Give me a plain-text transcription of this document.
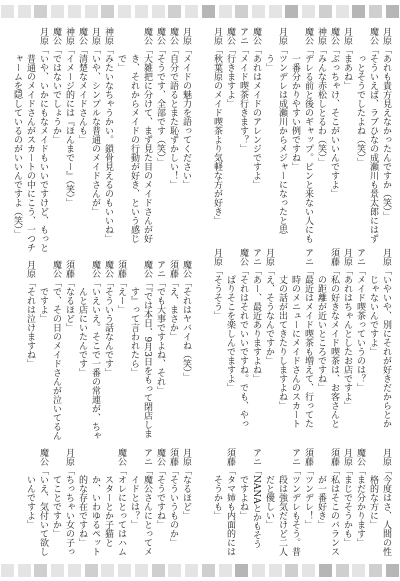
月原「メイドの魅力を語ってください」

魔公「自分で語るとまた恥ずかしい！」

魔公「そうです、全部です（笑）」

魔公「大雑把に分けて、まず見た目のメイドさんが好き、それからメイドの行動が好き、という感じで」

神原「みたいなちゃうかい。鎖骨見えるのもいいね」

月原「いや、シンプルな普通のメイドさんが」

魔公「清楚なメイドさんも」

神原「イメージ的には『ほんまでー』（笑）」

魔公「ではないでしょうか」

月原「いや、いかにもなメイドもいいですけど、もっと普通のメイドさんがスカートの中にこう、一つチャームを隠しているのがいいんですよ（笑）」	月原「あれも貴方見えなかったんですか（笑）」

魔公「そういえば、ラブひなの成瀬川も景太郎にはずっとそうでしたよね（笑）」

月原「まあね」

魔公「ぶっちゃけ、そこがいいんですよ」

神原「みんな赤松しとるわ（笑）」

魔公「デレる前と後のギャップ。ピンと来ない人にも一番分かりやすい例ですね」

月原「ツンデレは成瀬川からメジャーになったと思う」

魔公「あれはメイドのアレンジですよ」

アニ「メイド喫茶行きます？」

魔公「行きますよ」

月原「秋葉原のメイド喫茶より気軽な方が好き」

魔公「それはヤバイね（笑）」

須藤「え、まさか」

アニ「でも大事ですよね、それ」

魔公「『では本日、9月3日をもって閉店します』って言われたら」

須藤「えー」

魔公「そういう話なんです」

魔公「いえいえ。そこで一番の常連が、ちゃんと店にいたんです」

須藤「なるほど」

魔公「で、その日のメイドさんが泣いてるんですよ」

月原「それは泣けますね」	月原「いやいや、別にそれが好きだからとかじゃないんですよ」

アニ「メイド喫茶っていうのは？」

月原「あれはちゃんとしたお店ですよ」

須藤「私の好きなメイド喫茶は、お客さんとの距離が近いところですね」

アニ「最近はメイド喫茶も増えて、行ってた時のメニューにメイドさんのスカート丈の話が出てきたりしますよね」

月原「え、そうなんですか」

アニ「あー、最近ありますよね」

魔公「それはそれでいいですね。でも、やっぱりそこを楽しんでますよ」

月原「そうそう」

月原「なるほど」

須藤「そういうものか」

魔公「そうですね」

アニ「魔公さんにとってメイドとは？」

魔公「オレにとってはハムスターとか子猫とか、いわゆるペット的な存在ですね」

月原「ちっちゃい女の子ってことですか」

魔公「いえ、気付いて欲しいんですよ」	月原「今度はさ、人間の性格的な方に」

魔公「まだ分かります」

月原「まじでそうかも」

須藤「私はそこのバランスが一番好き」

須藤「ツンデレ！」

アニ「ツンデレもそう。普段は強気だけど二人だと優しい」

アニ「NANAとかもそうですよね」

須藤「タマ姉も内面的にはそうかも」
